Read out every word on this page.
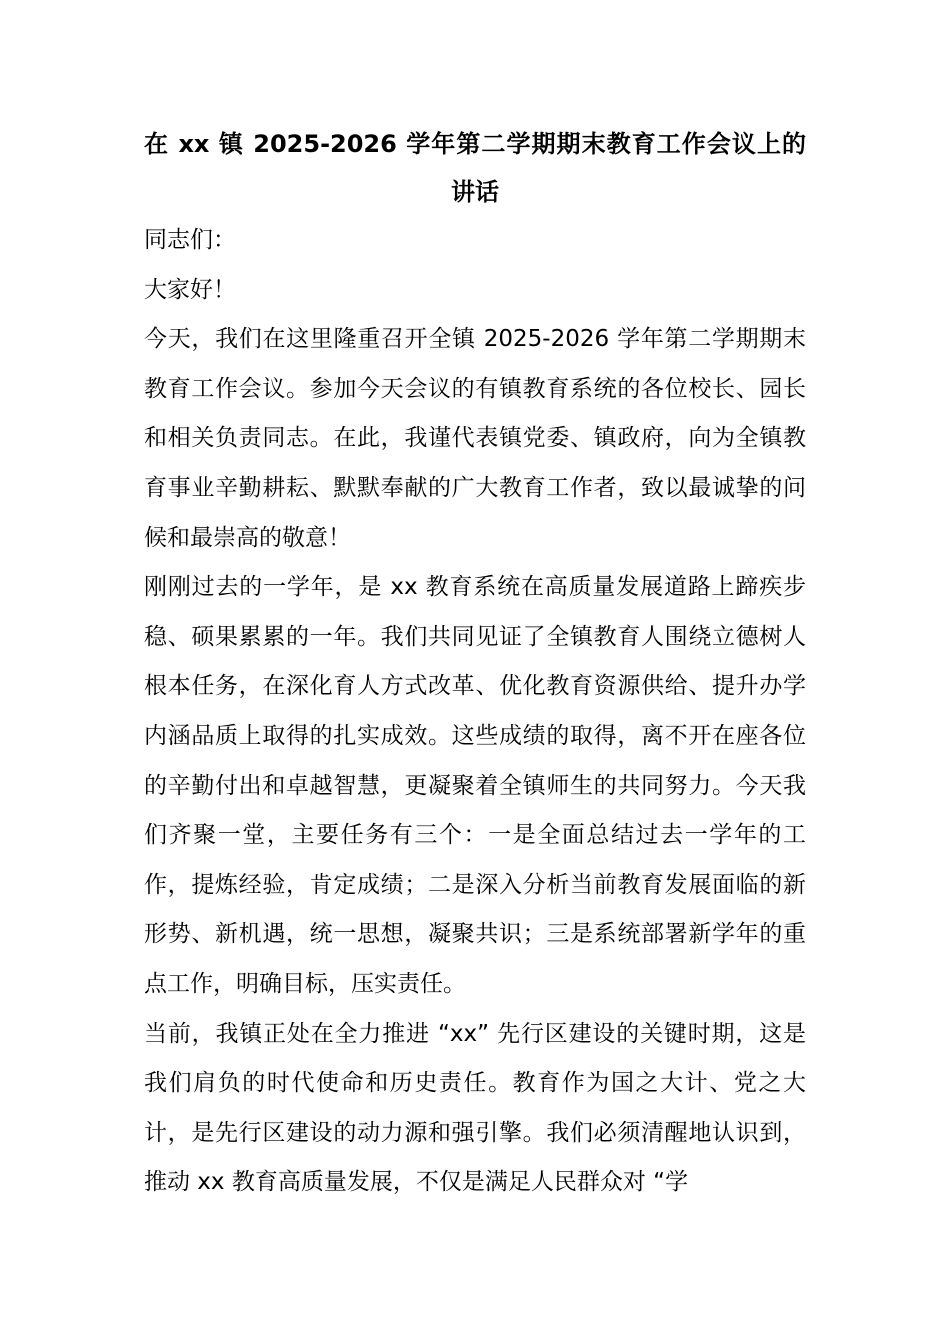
在 xx 镇 2025-2026 学年第二学期期末教育工作会议上的讲话

同志们：

大家好！

今天，我们在这里隆重召开全镇 2025-2026 学年第二学期期末教育工作会议。参加今天会议的有镇教育系统的各位校长、园长和相关负责同志。在此，我谨代表镇党委、镇政府，向为全镇教育事业辛勤耕耘、默默奉献的广大教育工作者，致以最诚挚的问候和最崇高的敬意！

刚刚过去的一学年，是 xx 教育系统在高质量发展道路上蹄疾步稳、硕果累累的一年。我们共同见证了全镇教育人围绕立德树人根本任务，在深化育人方式改革、优化教育资源供给、提升办学内涵品质上取得的扎实成效。这些成绩的取得，离不开在座各位的辛勤付出和卓越智慧，更凝聚着全镇师生的共同努力。今天我们齐聚一堂，主要任务有三个：一是全面总结过去一学年的工作，提炼经验，肯定成绩；二是深入分析当前教育发展面临的新形势、新机遇，统一思想，凝聚共识；三是系统部署新学年的重点工作，明确目标，压实责任。

当前，我镇正处在全力推进 “xx” 先行区建设的关键时期，这是我们肩负的时代使命和历史责任。教育作为国之大计、党之大计，是先行区建设的动力源和强引擎。我们必须清醒地认识到，推动 xx 教育高质量发展，不仅是满足人民群众对 “学
